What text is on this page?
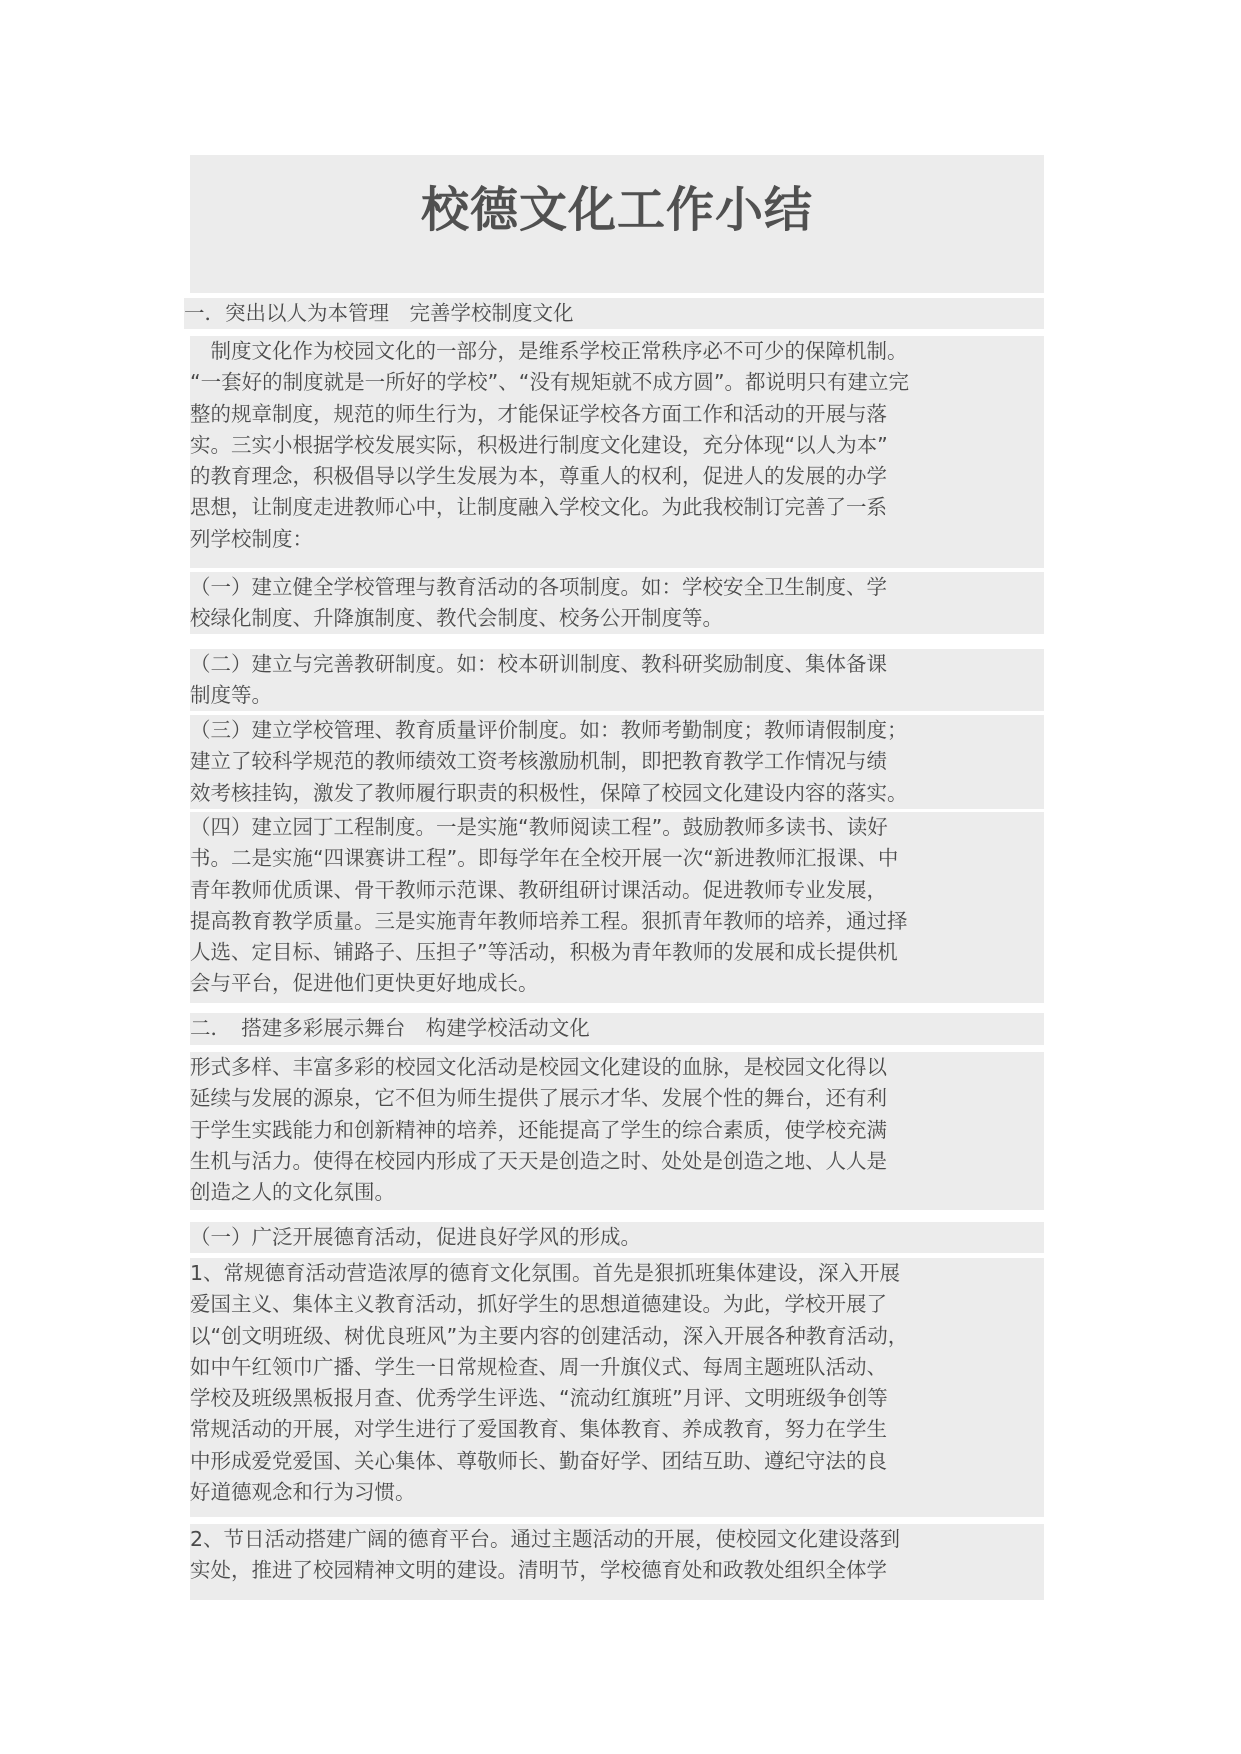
校德文化工作小结
一．突出以人为本管理　完善学校制度文化
　制度文化作为校园文化的一部分，是维系学校正常秩序必不可少的保障机制。
“一套好的制度就是一所好的学校”、“没有规矩就不成方圆”。都说明只有建立完
整的规章制度，规范的师生行为，才能保证学校各方面工作和活动的开展与落
实。三实小根据学校发展实际，积极进行制度文化建设，充分体现“以人为本”
的教育理念，积极倡导以学生发展为本，尊重人的权利，促进人的发展的办学
思想，让制度走进教师心中，让制度融入学校文化。为此我校制订完善了一系
列学校制度：
（一）建立健全学校管理与教育活动的各项制度。如：学校安全卫生制度、学
校绿化制度、升降旗制度、教代会制度、校务公开制度等。
（二）建立与完善教研制度。如：校本研训制度、教科研奖励制度、集体备课
制度等。
（三）建立学校管理、教育质量评价制度。如：教师考勤制度；教师请假制度；
建立了较科学规范的教师绩效工资考核激励机制，即把教育教学工作情况与绩
效考核挂钩，激发了教师履行职责的积极性，保障了校园文化建设内容的落实。
（四）建立园丁工程制度。一是实施“教师阅读工程”。鼓励教师多读书、读好
书。二是实施“四课赛讲工程”。即每学年在全校开展一次“新进教师汇报课、中
青年教师优质课、骨干教师示范课、教研组研讨课活动。促进教师专业发展，
提高教育教学质量。三是实施青年教师培养工程。狠抓青年教师的培养，通过择
人选、定目标、铺路子、压担子”等活动，积极为青年教师的发展和成长提供机
会与平台，促进他们更快更好地成长。
二．　搭建多彩展示舞台　构建学校活动文化
形式多样、丰富多彩的校园文化活动是校园文化建设的血脉，是校园文化得以
延续与发展的源泉，它不但为师生提供了展示才华、发展个性的舞台，还有利
于学生实践能力和创新精神的培养，还能提高了学生的综合素质，使学校充满
生机与活力。使得在校园内形成了天天是创造之时、处处是创造之地、人人是
创造之人的文化氛围。
（一）广泛开展德育活动，促进良好学风的形成。
1、常规德育活动营造浓厚的德育文化氛围。首先是狠抓班集体建设，深入开展
爱国主义、集体主义教育活动，抓好学生的思想道德建设。为此，学校开展了
以“创文明班级、树优良班风”为主要内容的创建活动，深入开展各种教育活动，
如中午红领巾广播、学生一日常规检查、周一升旗仪式、每周主题班队活动、
学校及班级黑板报月查、优秀学生评选、“流动红旗班”月评、文明班级争创等
常规活动的开展，对学生进行了爱国教育、集体教育、养成教育，努力在学生
中形成爱党爱国、关心集体、尊敬师长、勤奋好学、团结互助、遵纪守法的良
好道德观念和行为习惯。
2、节日活动搭建广阔的德育平台。通过主题活动的开展，使校园文化建设落到
实处，推进了校园精神文明的建设。清明节，学校德育处和政教处组织全体学
